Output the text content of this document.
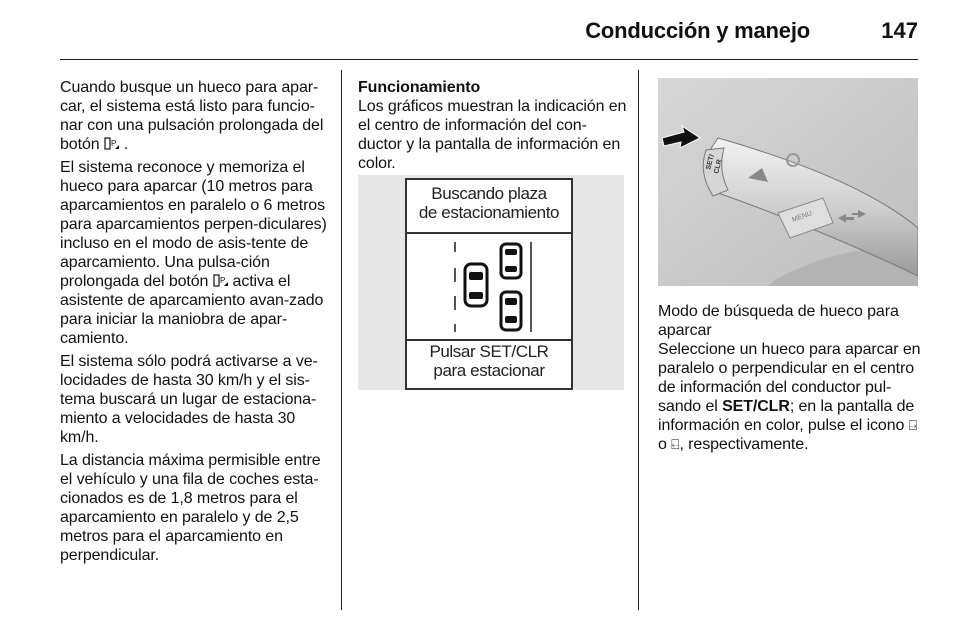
Conducción y manejo	147

Cuando busque un hueco para apar-car, el sistema está listo para funcio-nar con una pulsación prolongada del botón P .

El sistema reconoce y memoriza el hueco para aparcar (10 metros para aparcamientos en paralelo o 6 metros para aparcamientos perpen-diculares) incluso en el modo de asis-tente de aparcamiento. Una pulsa-ción prolongada del botón P activa el asistente de aparcamiento avan-zado para iniciar la maniobra de apar-camiento.

El sistema sólo podrá activarse a ve-locidades de hasta 30 km/h y el sis-tema buscará un lugar de estaciona-miento a velocidades de hasta 30 km/h.

La distancia máxima permisible entre el vehículo y una fila de coches esta-cionados es de 1,8 metros para el aparcamiento en paralelo y de 2,5 metros para el aparcamiento en perpendicular.

Funcionamiento

Los gráficos muestran la indicación en el centro de información del con-ductor y la pantalla de información en color.

Buscando plaza
de estacionamiento
Pulsar SET/CLR
para estacionar
SET/
CLR
MENU

Modo de búsqueda de hueco para aparcar

Seleccione un hueco para aparcar en paralelo o perpendicular en el centro de información del conductor pul-sando el SET/CLR; en la pantalla de información en color, pulse el icono ⍈ o ⍇, respectivamente.
